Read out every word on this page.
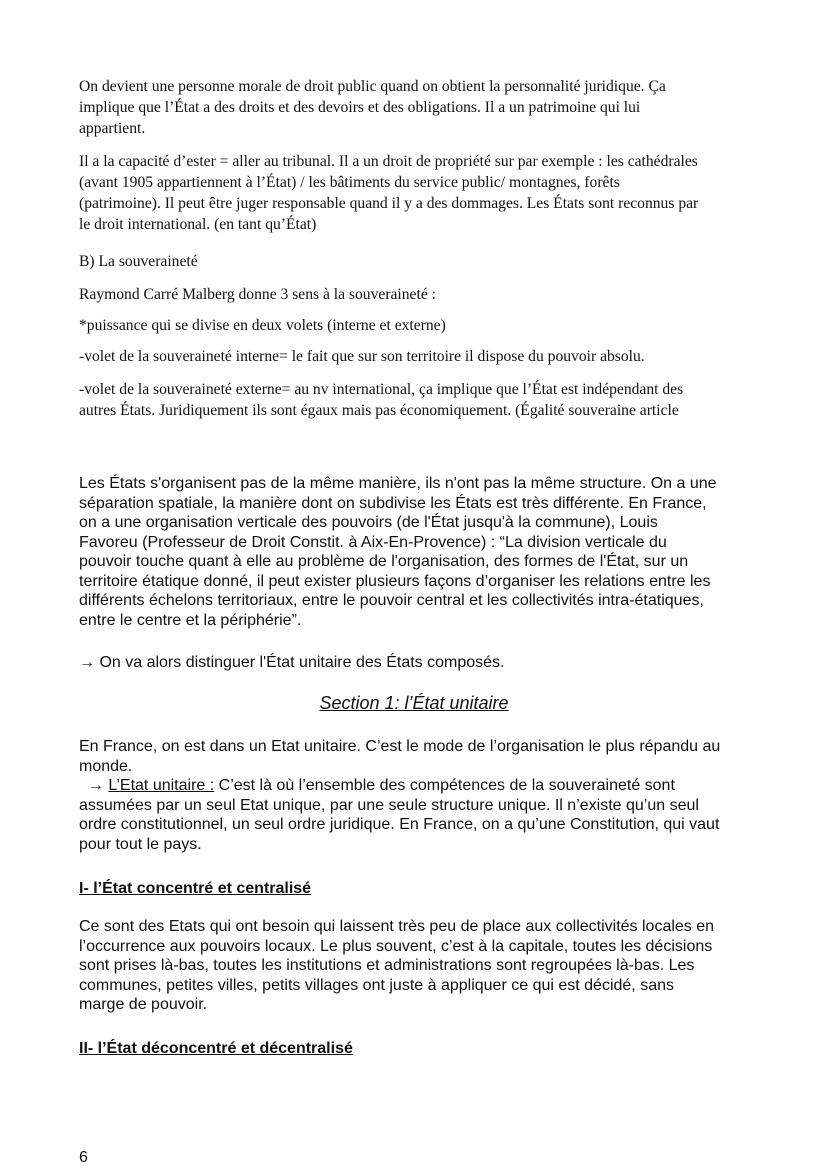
On devient une personne morale de droit public quand on obtient la personnalité juridique. Ça
implique que l’État a des droits et des devoirs et des obligations. Il a un patrimoine qui lui
appartient.
Il a la capacité d’ester = aller au tribunal. Il a un droit de propriété sur par exemple : les cathédrales
(avant 1905 appartiennent à l’État) / les bâtiments du service public/ montagnes, forêts
(patrimoine). Il peut être juger responsable quand il y a des dommages. Les États sont reconnus par
le droit international. (en tant qu’État)
B) La souveraineté
Raymond Carré Malberg donne 3 sens à la souveraineté :
*puissance qui se divise en deux volets (interne et externe)
-volet de la souveraineté interne= le fait que sur son territoire il dispose du pouvoir absolu.
-volet de la souveraineté externe= au nv international, ça implique que l’État est indépendant des
autres États. Juridiquement ils sont égaux mais pas économiquement. (Égalité souveraine article
Les États s'organisent pas de la même manière, ils n'ont pas la même structure. On a une
séparation spatiale, la manière dont on subdivise les États est très différente. En France,
on a une organisation verticale des pouvoirs (de l'État jusqu'à la commune), Louis
Favoreu (Professeur de Droit Constit. à Aix-En-Provence) : “La division verticale du
pouvoir touche quant à elle au problème de l'organisation, des formes de l'État, sur un
territoire étatique donné, il peut exister plusieurs façons d’organiser les relations entre les
différents échelons territoriaux, entre le pouvoir central et les collectivités intra-étatiques,
entre le centre et la périphérie”.
→ On va alors distinguer l'État unitaire des États composés.
Section 1: l’État unitaire
En France, on est dans un Etat unitaire. C’est le mode de l’organisation le plus répandu au
monde.
→ L’Etat unitaire : C’est là où l’ensemble des compétences de la souveraineté sont
assumées par un seul Etat unique, par une seule structure unique. Il n’existe qu’un seul
ordre constitutionnel, un seul ordre juridique. En France, on a qu’une Constitution, qui vaut
pour tout le pays.
I- l’État concentré et centralisé
Ce sont des Etats qui ont besoin qui laissent très peu de place aux collectivités locales en
l’occurrence aux pouvoirs locaux. Le plus souvent, c’est à la capitale, toutes les décisions
sont prises là-bas, toutes les institutions et administrations sont regroupées là-bas. Les
communes, petites villes, petits villages ont juste à appliquer ce qui est décidé, sans
marge de pouvoir.
II- l’État déconcentré et décentralisé
6
